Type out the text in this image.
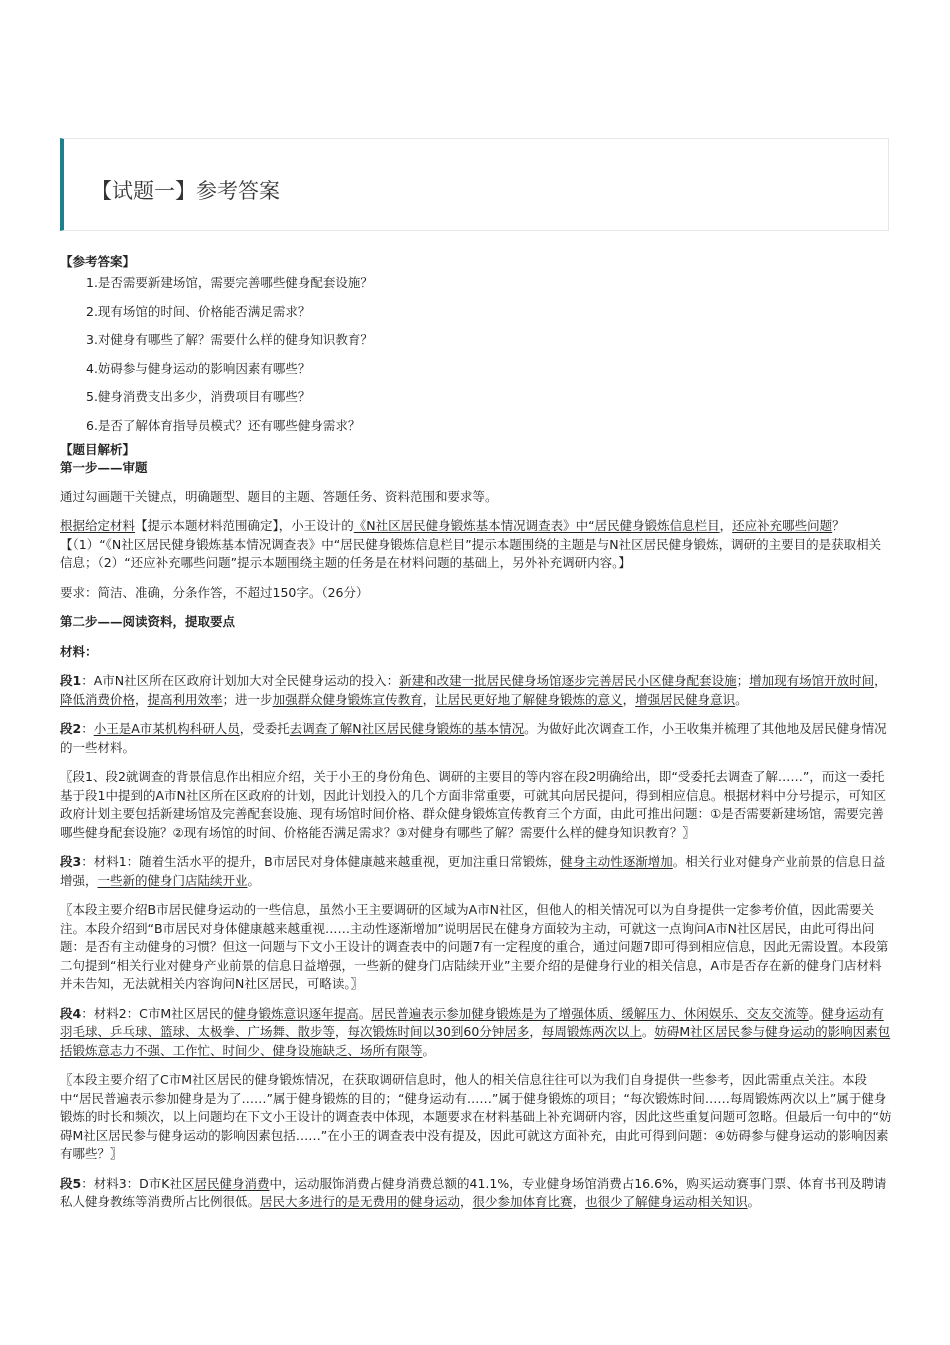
【试题一】参考答案
【参考答案】
1.是否需要新建场馆，需要完善哪些健身配套设施？
2.现有场馆的时间、价格能否满足需求？
3.对健身有哪些了解？需要什么样的健身知识教育？
4.妨碍参与健身运动的影响因素有哪些？
5.健身消费支出多少，消费项目有哪些？
6.是否了解体育指导员模式？还有哪些健身需求？
【题目解析】
第一步——审题
通过勾画题干关键点，明确题型、题目的主题、答题任务、资料范围和要求等。
根据给定材料【提示本题材料范围确定】，小王设计的《N社区居民健身锻炼基本情况调查表》中“居民健身锻炼信息栏目，还应补充哪些问题？【（1）“《N社区居民健身锻炼基本情况调查表》中“居民健身锻炼信息栏目”提示本题围绕的主题是与N社区居民健身锻炼，调研的主要目的是获取相关信息；（2）“还应补充哪些问题”提示本题围绕主题的任务是在材料问题的基础上，另外补充调研内容。】
要求：简洁、准确，分条作答，不超过150字。（26分）
第二步——阅读资料，提取要点
材料：
段1：A市N社区所在区政府计划加大对全民健身运动的投入：新建和改建一批居民健身场馆逐步完善居民小区健身配套设施；增加现有场馆开放时间，降低消费价格，提高利用效率；进一步加强群众健身锻炼宣传教育，让居民更好地了解健身锻炼的意义，增强居民健身意识。
段2：小王是A市某机构科研人员，受委托去调查了解N社区居民健身锻炼的基本情况。为做好此次调查工作，小王收集并梳理了其他地及居民健身情况的一些材料。
〖段1、段2就调查的背景信息作出相应介绍，关于小王的身份角色、调研的主要目的等内容在段2明确给出，即“受委托去调查了解……”，而这一委托基于段1中提到的A市N社区所在区政府的计划，因此计划投入的几个方面非常重要，可就其向居民提问，得到相应信息。根据材料中分号提示，可知区政府计划主要包括新建场馆及完善配套设施、现有场馆时间价格、群众健身锻炼宣传教育三个方面，由此可推出问题：①是否需要新建场馆，需要完善哪些健身配套设施？②现有场馆的时间、价格能否满足需求？③对健身有哪些了解？需要什么样的健身知识教育？〗
段3：材料1：随着生活水平的提升，B市居民对身体健康越来越重视，更加注重日常锻炼，健身主动性逐渐增加。相关行业对健身产业前景的信息日益增强，一些新的健身门店陆续开业。
〖本段主要介绍B市居民健身运动的一些信息，虽然小王主要调研的区域为A市N社区，但他人的相关情况可以为自身提供一定参考价值，因此需要关注。本段介绍到“B市居民对身体健康越来越重视……主动性逐渐增加”说明居民在健身方面较为主动，可就这一点询问A市N社区居民，由此可得出问题：是否有主动健身的习惯？但这一问题与下文小王设计的调查表中的问题7有一定程度的重合，通过问题7即可得到相应信息，因此无需设置。本段第二句提到“相关行业对健身产业前景的信息日益增强，一些新的健身门店陆续开业”主要介绍的是健身行业的相关信息，A市是否存在新的健身门店材料并未告知，无法就相关内容询问N社区居民，可略读。〗
段4：材料2：C市M社区居民的健身锻炼意识逐年提高。居民普遍表示参加健身锻炼是为了增强体质、缓解压力、休闲娱乐、交友交流等。健身运动有羽毛球、乒乓球、篮球、太极拳、广场舞、散步等，每次锻炼时间以30到60分钟居多，每周锻炼两次以上。妨碍M社区居民参与健身运动的影响因素包括锻炼意志力不强、工作忙、时间少、健身设施缺乏、场所有限等。
〖本段主要介绍了C市M社区居民的健身锻炼情况，在获取调研信息时，他人的相关信息往往可以为我们自身提供一些参考，因此需重点关注。本段中“居民普遍表示参加健身是为了……”属于健身锻炼的目的；“健身运动有……”属于健身锻炼的项目；“每次锻炼时间……每周锻炼两次以上”属于健身锻炼的时长和频次，以上问题均在下文小王设计的调查表中体现，本题要求在材料基础上补充调研内容，因此这些重复问题可忽略。但最后一句中的“妨碍M社区居民参与健身运动的影响因素包括……”在小王的调查表中没有提及，因此可就这方面补充，由此可得到问题：④妨碍参与健身运动的影响因素有哪些？〗
段5：材料3：D市K社区居民健身消费中，运动服饰消费占健身消费总额的41.1%，专业健身场馆消费占16.6%，购买运动赛事门票、体育书刊及聘请私人健身教练等消费所占比例很低。居民大多进行的是无费用的健身运动，很少参加体育比赛，也很少了解健身运动相关知识。
